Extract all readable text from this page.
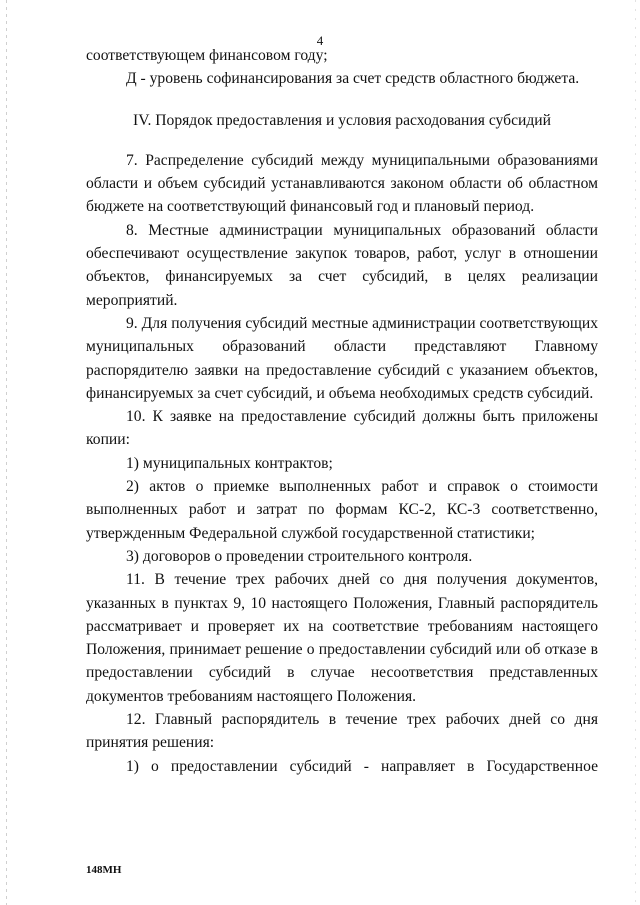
4

соответствующем финансовом году;

Д - уровень софинансирования за счет средств областного бюджета.

IV. Порядок предоставления и условия расходования субсидий

7. Распределение субсидий между муниципальными образованиями области и объем субсидий устанавливаются законом области об областном бюджете на соответствующий финансовый год и плановый период.

8. Местные администрации муниципальных образований области обеспечивают осуществление закупок товаров, работ, услуг в отношении объектов, финансируемых за счет субсидий, в целях реализации мероприятий.

9. Для получения субсидий местные администрации соответствующих муниципальных образований области представляют Главному распорядителю заявки на предоставление субсидий с указанием объектов, финансируемых за счет субсидий, и объема необходимых средств субсидий.

10. К заявке на предоставление субсидий должны быть приложены копии:

1) муниципальных контрактов;

2) актов о приемке выполненных работ и справок о стоимости выполненных работ и затрат по формам КС-2, КС-3 соответственно, утвержденным Федеральной службой государственной статистики;

3) договоров о проведении строительного контроля.

11. В течение трех рабочих дней со дня получения документов, указанных в пунктах 9, 10 настоящего Положения, Главный распорядитель рассматривает и проверяет их на соответствие требованиям настоящего Положения, принимает решение о предоставлении субсидий или об отказе в предоставлении субсидий в случае несоответствия представленных документов требованиям настоящего Положения.

12. Главный распорядитель в течение трех рабочих дней со дня принятия решения:

1) о предоставлении субсидий - направляет в Государственное

148МН
